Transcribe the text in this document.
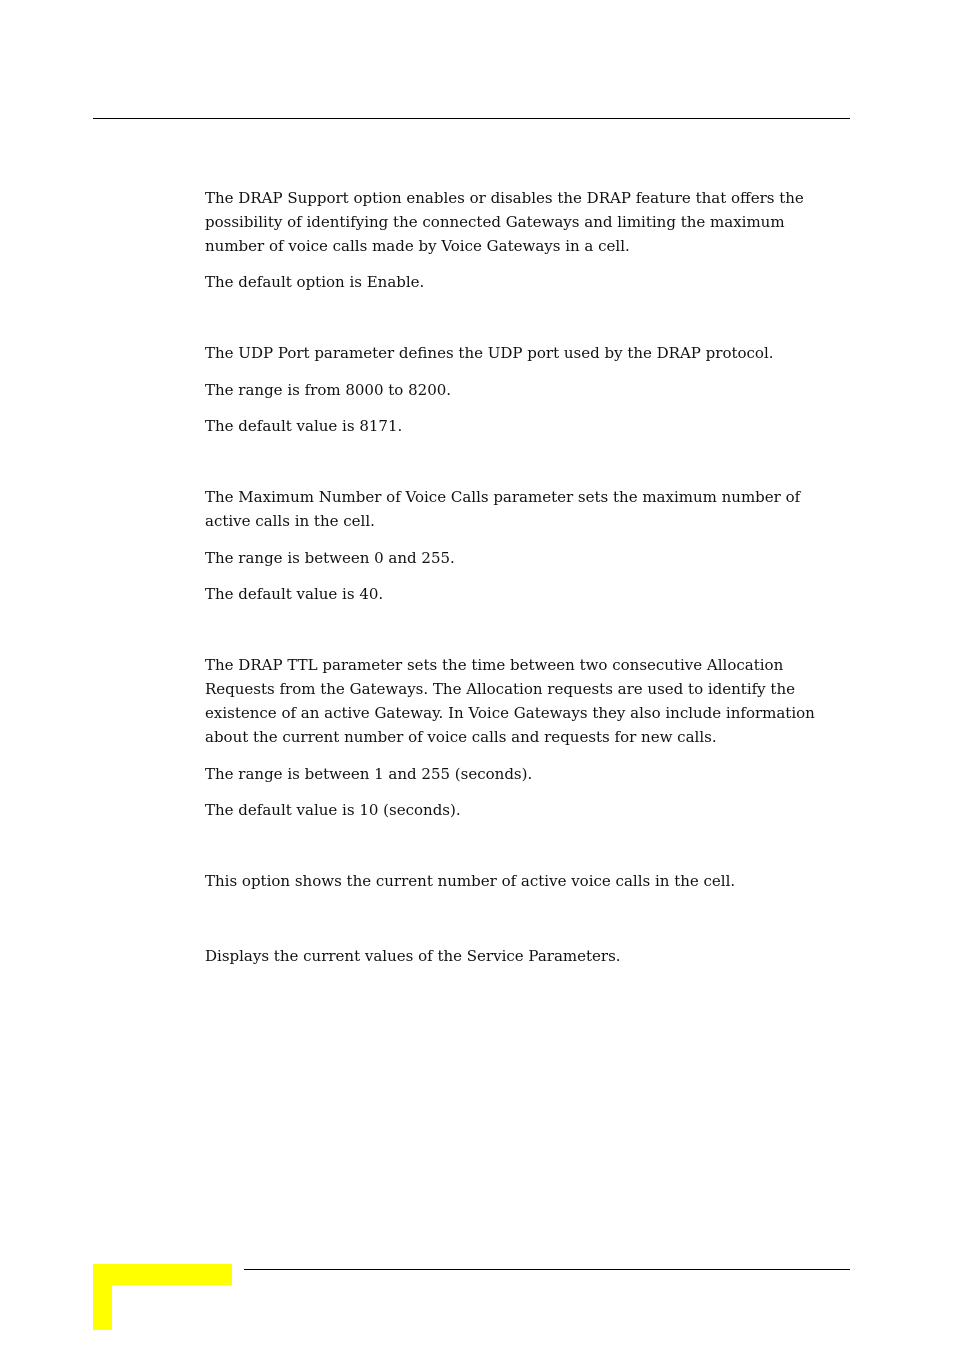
The DRAP Support option enables or disables the DRAP feature that offers the
possibility of identifying the connected Gateways and limiting the maximum
number of voice calls made by Voice Gateways in a cell.

The default option is Enable.

The UDP Port parameter defines the UDP port used by the DRAP protocol.

The range is from 8000 to 8200.

The default value is 8171.

The Maximum Number of Voice Calls parameter sets the maximum number of
active calls in the cell.

The range is between 0 and 255.

The default value is 40.

The DRAP TTL parameter sets the time between two consecutive Allocation
Requests from the Gateways. The Allocation requests are used to identify the
existence of an active Gateway. In Voice Gateways they also include information
about the current number of voice calls and requests for new calls.

The range is between 1 and 255 (seconds).

The default value is 10 (seconds).

This option shows the current number of active voice calls in the cell.

Displays the current values of the Service Parameters.
